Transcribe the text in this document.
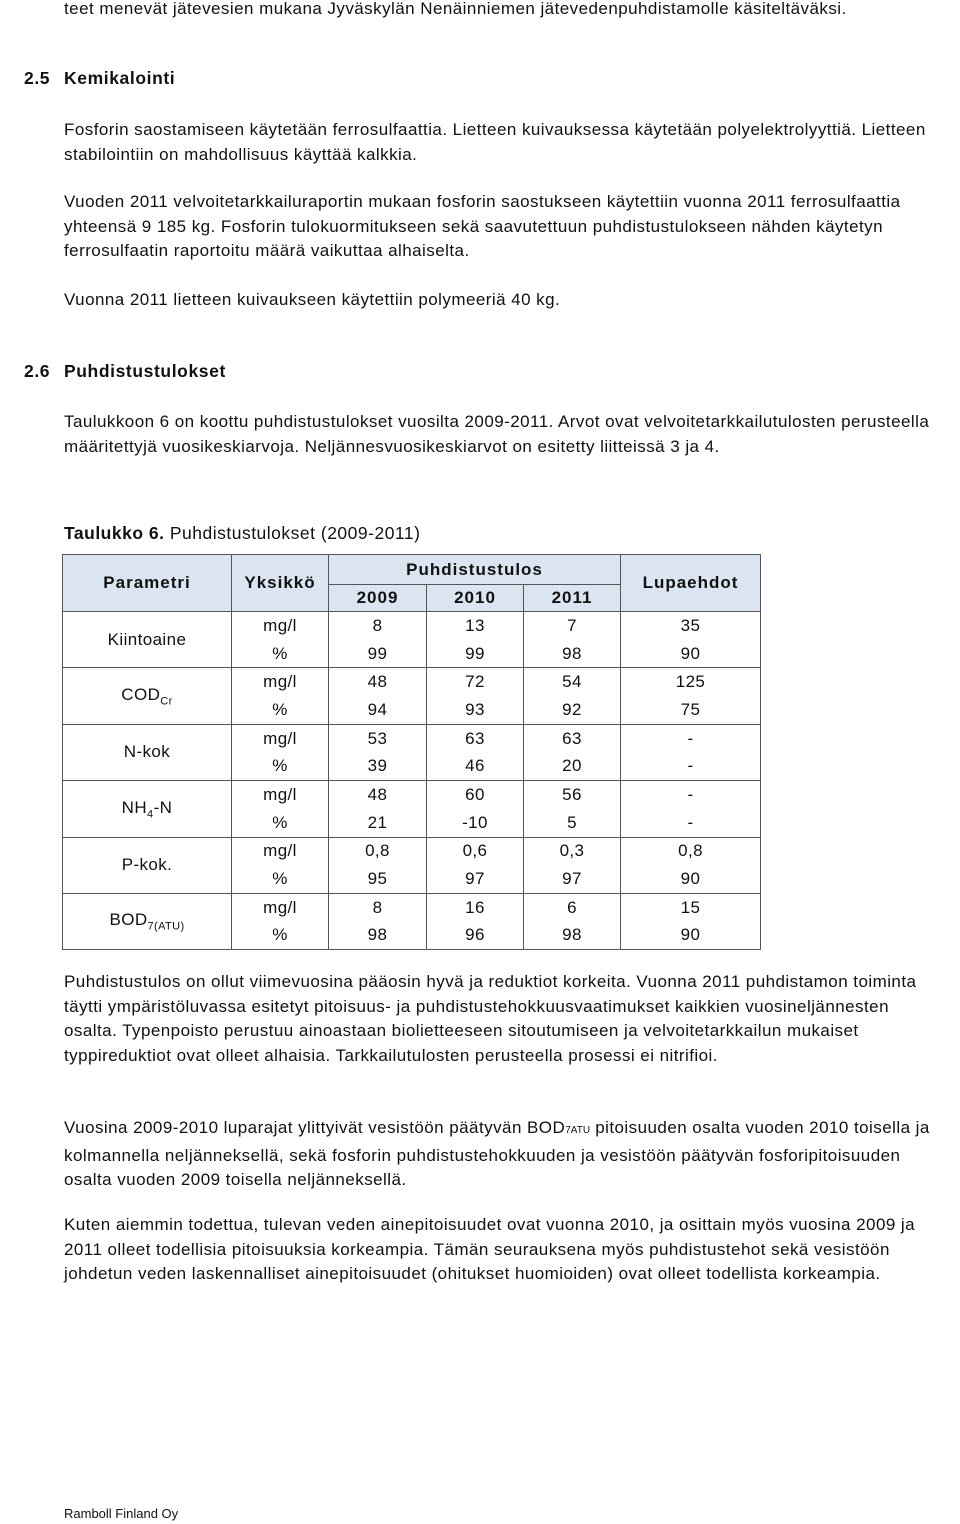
teet menevät jätevesien mukana Jyväskylän Nenäinniemen jätevedenpuhdistamolle käsiteltäväksi.

2.5 Kemikalointi

Fosforin saostamiseen käytetään ferrosulfaattia. Lietteen kuivauksessa käytetään polyelektrolyyttiä. Lietteen stabilointiin on mahdollisuus käyttää kalkkia.

Vuoden 2011 velvoitetarkkailuraportin mukaan fosforin saostukseen käytettiin vuonna 2011 ferrosulfaattia yhteensä 9 185 kg. Fosforin tulokuormitukseen sekä saavutettuun puhdistustulokseen nähden käytetyn ferrosulfaatin raportoitu määrä vaikuttaa alhaiselta.

Vuonna 2011 lietteen kuivaukseen käytettiin polymeeriä 40 kg.

2.6 Puhdistustulokset

Taulukkoon 6 on koottu puhdistustulokset vuosilta 2009-2011. Arvot ovat velvoitetarkkailutulosten perusteella määritettyjä vuosikeskiarvoja. Neljännesvuosikeskiarvot on esitetty liitteissä 3 ja 4.

Taulukko 6. Puhdistustulokset (2009-2011)

Parametri	Yksikkö	Puhdistustulos			Lupaehdot
		2009	2010	2011	
Kiintoaine	mg/l	8	13	7	35
	%	99	99	98	90
$COD_{Cr}$	mg/l	48	72	54	125
	%	94	93	92	75
N-kok	mg/l	53	63	63	-
	%	39	46	20	-
$NH_4-N$	mg/l	48	60	56	-
	%	21	-10	5	-
P-kok.	mg/l	0,8	0,6	0,3	0,8
	%	95	97	97	90
$BOD_{7(ATU)}$	mg/l	8	16	6	15
	%	98	96	98	90

Puhdistustulos on ollut viimevuosina pääosin hyvä ja reduktiot korkeita. Vuonna 2011 puhdistamon toiminta täytti ympäristöluvassa esitetyt pitoisuus- ja puhdistustehokkuusvaatimukset kaikkien vuosineljännesten osalta. Typenpoisto perustuu ainoastaan biolietteeseen sitoutumiseen ja velvoitetarkkailun mukaiset typpireduktiot ovat olleet alhaisia. Tarkkailutulosten perusteella prosessi ei nitrifioi.

Vuosina 2009-2010 luparajat ylittyivät vesistöön päätyvän BOD7ATU pitoisuuden osalta vuoden 2010 toisella ja kolmannella neljänneksellä, sekä fosforin puhdistustehokkuuden ja vesistöön päätyvän fosforipitoisuuden osalta vuoden 2009 toisella neljänneksellä.

Kuten aiemmin todettua, tulevan veden ainepitoisuudet ovat vuonna 2010, ja osittain myös vuosina 2009 ja 2011 olleet todellisia pitoisuuksia korkeampia. Tämän seurauksena myös puhdistustehot sekä vesistöön johdetun veden laskennalliset ainepitoisuudet (ohitukset huomioiden) ovat olleet todellista korkeampia.

Ramboll Finland Oy
